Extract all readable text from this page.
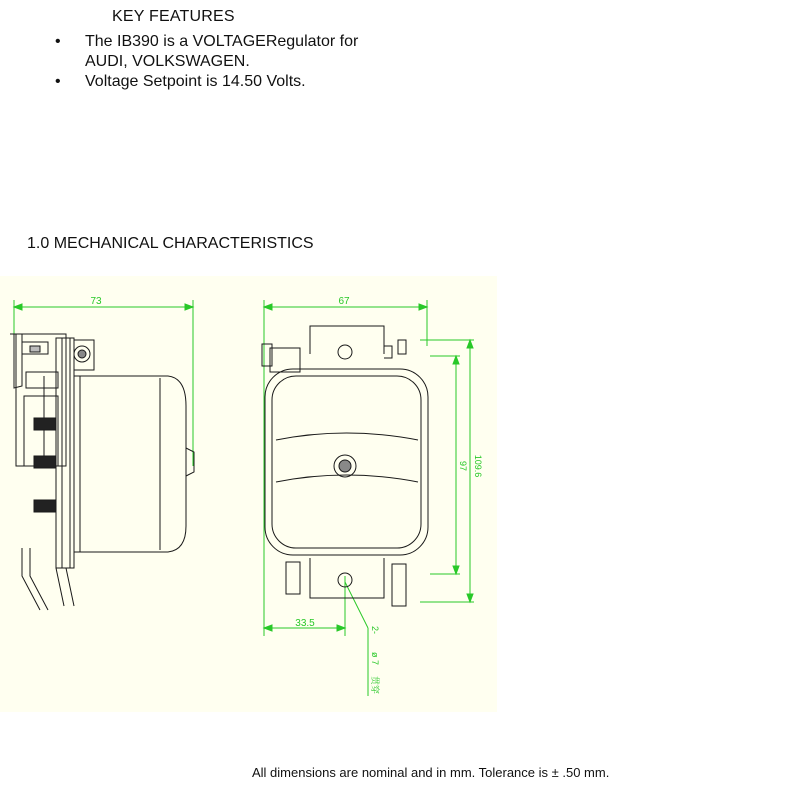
KEY FEATURES
• The IB390 is a VOLTAGERegulator for
AUDI, VOLKSWAGEN.
• Voltage Setpoint is 14.50 Volts.
1.0 MECHANICAL CHARACTERISTICS
73	67
33.5
109.6
97
2-
ø 7
贯穿
All dimensions are nominal and in mm. Tolerance is ± .50 mm.
